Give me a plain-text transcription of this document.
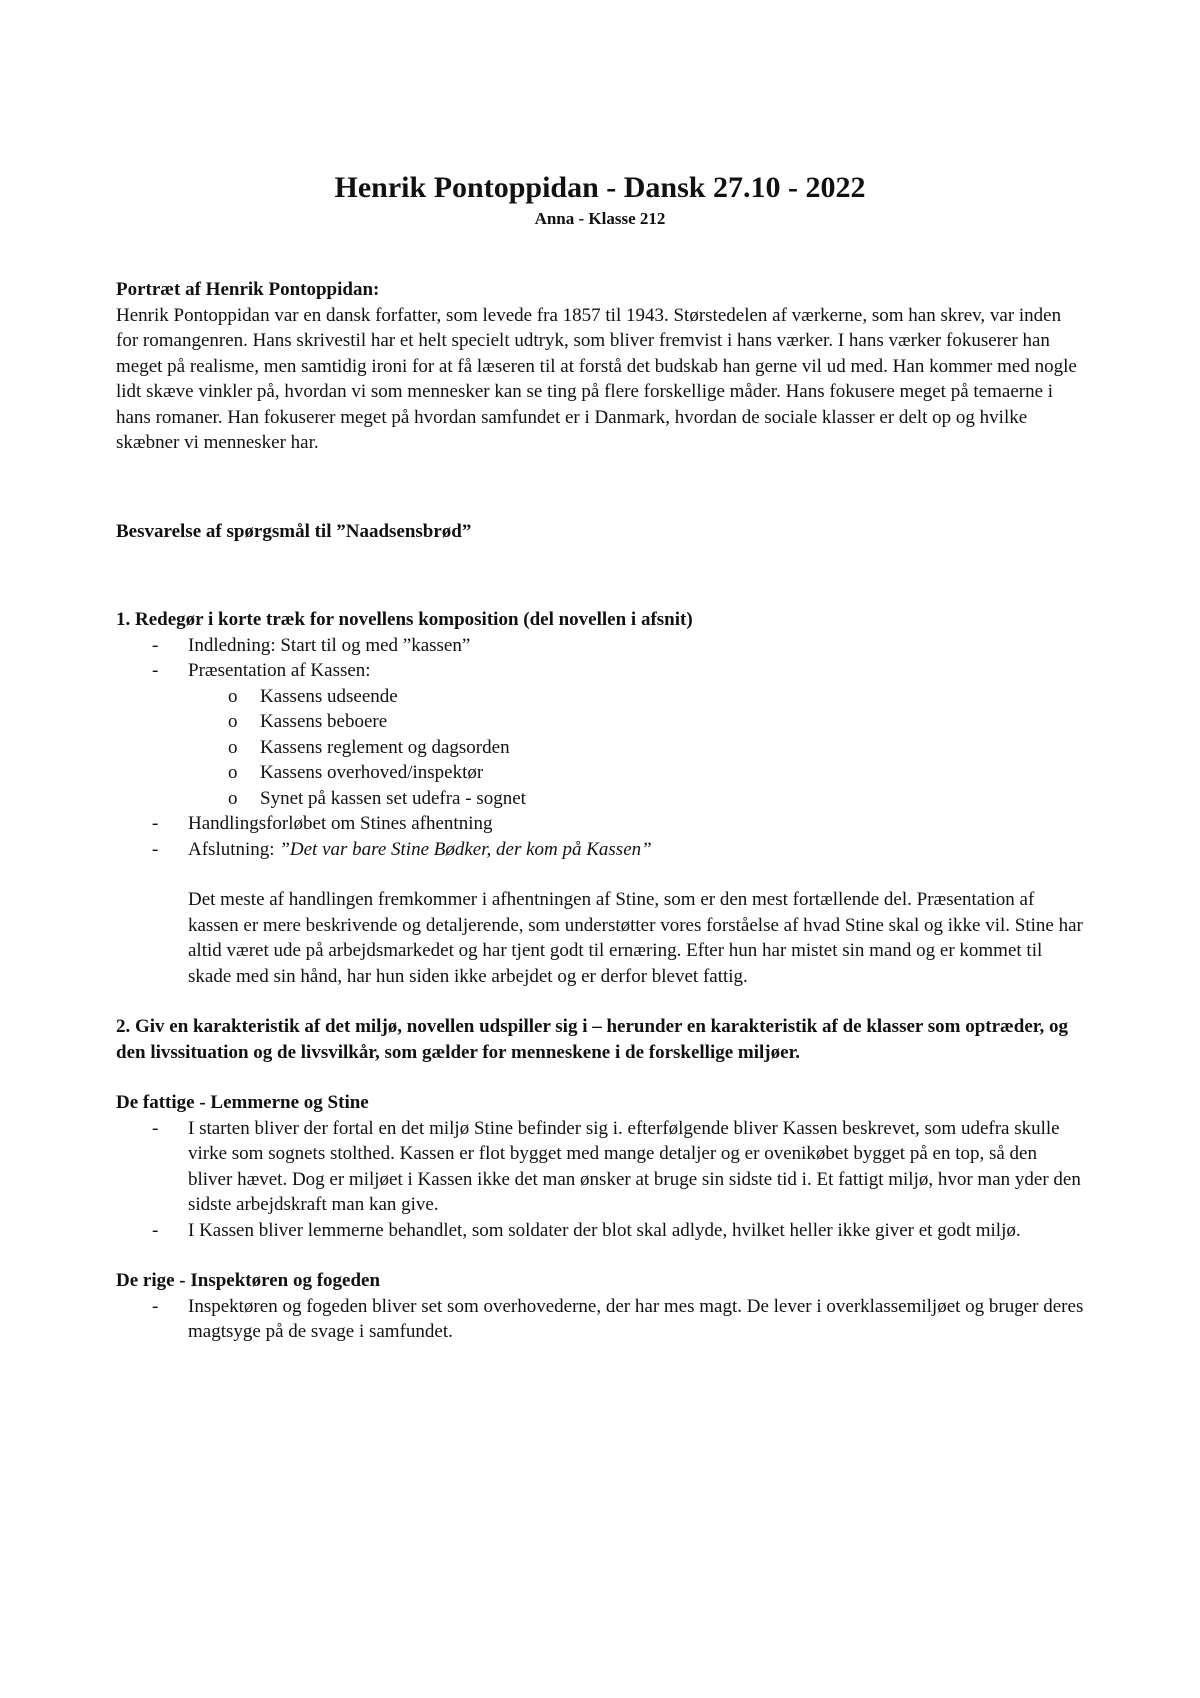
Henrik Pontoppidan - Dansk 27.10 - 2022
Anna - Klasse 212
Portræt af Henrik Pontoppidan:

Henrik Pontoppidan var en dansk forfatter, som levede fra 1857 til 1943. Størstedelen af værkerne, som han skrev, var inden for romangenren. Hans skrivestil har et helt specielt udtryk, som bliver fremvist i hans værker. I hans værker fokuserer han meget på realisme, men samtidig ironi for at få læseren til at forstå det budskab han gerne vil ud med. Han kommer med nogle lidt skæve vinkler på, hvordan vi som mennesker kan se ting på flere forskellige måder. Hans fokusere meget på temaerne i hans romaner. Han fokuserer meget på hvordan samfundet er i Danmark, hvordan de sociale klasser er delt op og hvilke skæbner vi mennesker har.

Besvarelse af spørgsmål til ”Naadsensbrød”
1. Redegør i korte træk for novellens komposition (del novellen i afsnit)
- Indledning: Start til og med ”kassen”
- Præsentation af Kassen:
o Kassens udseende
o Kassens beboere
o Kassens reglement og dagsorden
o Kassens overhoved/inspektør
o Synet på kassen set udefra - sognet
- Handlingsforløbet om Stines afhentning
- Afslutning: ”Det var bare Stine Bødker, der kom på Kassen”

Det meste af handlingen fremkommer i afhentningen af Stine, som er den mest fortællende del. Præsentation af kassen er mere beskrivende og detaljerende, som understøtter vores forståelse af hvad Stine skal og ikke vil. Stine har altid været ude på arbejdsmarkedet og har tjent godt til ernæring. Efter hun har mistet sin mand og er kommet til skade med sin hånd, har hun siden ikke arbejdet og er derfor blevet fattig.

2. Giv en karakteristik af det miljø, novellen udspiller sig i – herunder en karakteristik af de klasser som optræder, og den livssituation og de livsvilkår, som gælder for menneskene i de forskellige miljøer.
De fattige - Lemmerne og Stine
- I starten bliver der fortal en det miljø Stine befinder sig i. efterfølgende bliver Kassen beskrevet, som udefra skulle virke som sognets stolthed. Kassen er flot bygget med mange detaljer og er ovenikøbet bygget på en top, så den bliver hævet. Dog er miljøet i Kassen ikke det man ønsker at bruge sin sidste tid i. Et fattigt miljø, hvor man yder den sidste arbejdskraft man kan give.
- I Kassen bliver lemmerne behandlet, som soldater der blot skal adlyde, hvilket heller ikke giver et godt miljø.
De rige - Inspektøren og fogeden
- Inspektøren og fogeden bliver set som overhovederne, der har mes magt. De lever i overklassemiljøet og bruger deres magtsyge på de svage i samfundet.
